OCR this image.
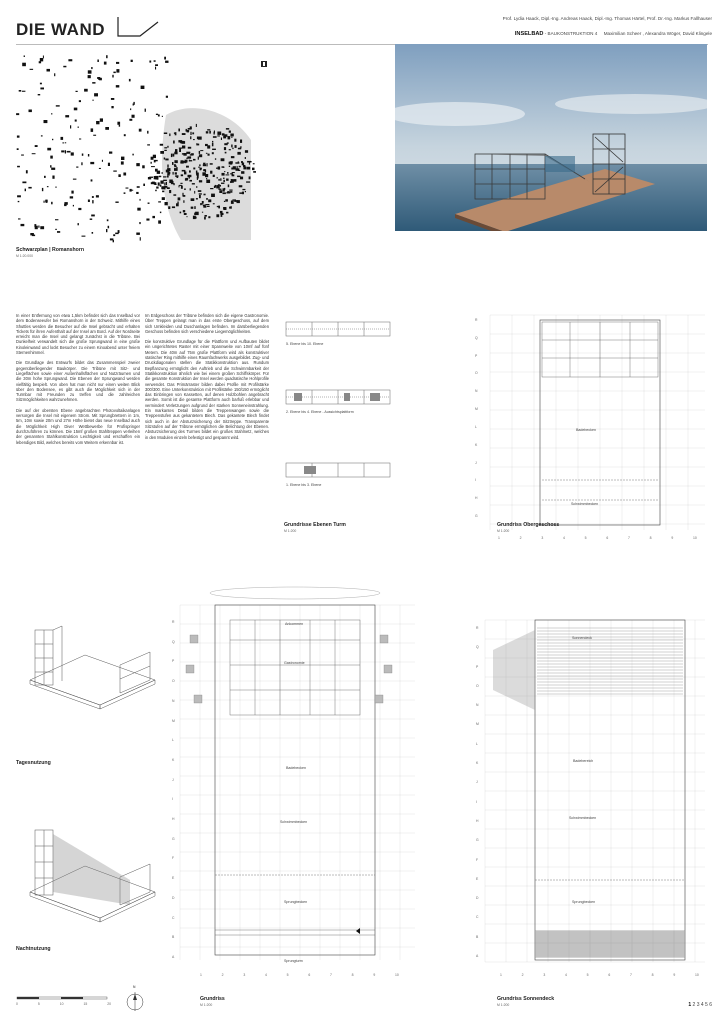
DIE WAND
Prof. Lydia Haack, Dipl.-Ing. Andreas Haack, Dipl.-Ing. Thomas Härtel, Prof. Dr.-Ing. Markus Fallhauser
INSELBAD - BAUKONSTRUKTION 4 Maximilian Scheer , Alexandra Wöger, David Klingele
Schwarzplan | Romanshorn
M 1:20.000

In einer Entfernung von etwa 1,5km befindet sich das Inselbad vor dem Bodenseeufer bei Romanshorn in der Schweiz. Mithilfe eines Shuttles werden die Besucher auf die Insel gebracht und erhalten Tickets für ihren Aufenthalt auf der Insel am Bord. Auf der Nordseite erreicht man die Insel und gelangt zunächst in die Tribüne. Bei Dunkelheit verwandelt sich die große Sprungwand in eine große Kinoleinwand und lockt Besucher zu einem Kinoabend unter freiem Sternenhimmel.

Die Grundlage des Entwurfs bildet das Zusammenspiel zweier gegenüberliegender Baukörper. Die Tribüne mit Sitz- und Liegeflächen sowie einer Außenhallsflächen und Nutzräumen und die 30m hohe Sprungwand. Die Ebenen der Sprungwand werden vielfältig bespielt. Von oben hat man nicht nur einen weiten Blick über den Bodensee, es gibt auch die Möglichkeit sich in der Turmbar mit Freunden zu treffen und die zahlreichen Sitzmöglichkeiten wahrzunehmen.

Die auf der obersten Ebene angebrachten Photovoltaikanlagen versorgen die Insel mit eigenem Strom. Mit Sprungbrettern in 1m, 5m, 10m sowie 20m und 27m Höhe bietet das neue Inselbad auch die Möglichkeit High Diver Wettbewerbe für Profispringer durchzuführen zu können. Die 15mf großen Stahltreppen verleihen der genannten Stahlkonstruktion Leichtigkeit und erschaffen ein lebendiges Bild, welches bereits vom Weitem erkennbar ist.

Im Erdgeschoss der Tribüne befinden sich die eigene Gastronomie. Über Treppen gelangt man in das erste Obergeschoss, auf dem sich Umkleiden und Duschanlagen befinden. Im darüberliegenden Geschoss befinden sich verschiedene Liegemöglichkeiten.

Die konstruktive Grundlage für die Plattform und Aufbauten bildet ein ungerichtetes Raster mit einer Spannweite von 10mf auf fünf Metern. Die 40m auf 75m große Plattform wird als konstruktiver statischer Ring mithilfe eines Raumfachwerks ausgebildet. Zug- und Druckdiagonalen stellen die Statikkonstruktion aus. Rundum Bepflanzung ermöglicht den Auftrieb und die Schwimmbarkeit der Statikkonstruktion ähnlich wie bei einem großen Schiffskörper. Für die gesamte Konstruktion der Insel werden quadratische Hohlprofile verwendet. Das Primärraster bilden dabei Profile mit Profilstärke 300/300. Eine Unterkonstruktion mit Profilstärke 150/150 ermöglicht das Einbringen von Kassetten, auf denen Holzbohlen angebracht werden. Somit ist die gesamte Plattform auch barfuß erlebbar und vermindert Verletzungen aufgrund der starken Sonneneinstrahlung. Ein markantes Detail bilden die Treppenwangen sowie die Treppenstufen aus gekantetem Blech. Das gekantete Blech findet sich auch in der Absturzsicherung der Sitztreppe. Transparente Sitzstufen auf der Tribüne ermöglichen die Belichtung der Ebenen. Absturzsicherung des Turmes bildet ein großes Stahlnetz, welches in den Modulen einzeln befestigt und gespannt wird.

5. Ebene bis 10. Ebene
2. Ebene bis 4. Ebene - Aussichtsplattform
1. Ebene bis 3. Ebene
Grundrisse Ebenen Turm
M 1:200
Badebecken
Schwimmbecken
R
Q
P
O
N
M
L
K
J
I
H
G
1	2	3	4	5	6	7	8	9	10
Grundriss Obergeschoss
M 1:200
Tagesnutzung
Nachtnutzung
Ankommen
Gastronomie
Badebecken
Schwimmbecken
Sprungbecken
Sprungturm
R
Q
P
O
N
M
L
K
J
I
H
G
F
E
D
C
B
A
1	2	3	4	5	6	7	8	9	10
Grundriss
M 1:200
Sonnendeck
Badebereich
Schwimmbecken
Sprungbecken
R
Q
P
O
N
M
L
K
J
I
H
G
F
E
D
C
B
A
1	2	3	4	5	6	7	8	9	10
Grundriss Sonnendeck
M 1:200
0	5	10	15	20
N
1 2 3 4 5 6
